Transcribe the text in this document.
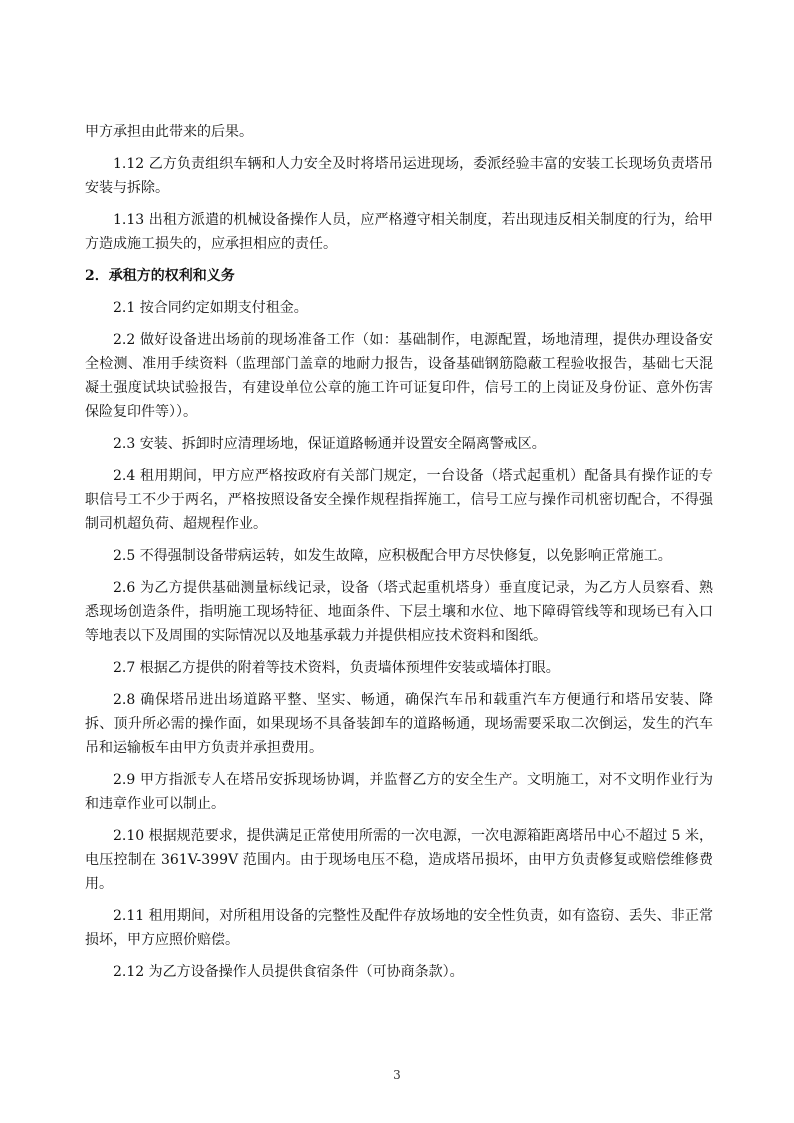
甲方承担由此带来的后果。

1.12 乙方负责组织车辆和人力安全及时将塔吊运进现场，委派经验丰富的安装工长现场负责塔吊安装与拆除。

1.13 出租方派遣的机械设备操作人员，应严格遵守相关制度，若出现违反相关制度的行为，给甲方造成施工损失的，应承担相应的责任。

2．承租方的权利和义务

2.1 按合同约定如期支付租金。

2.2 做好设备进出场前的现场准备工作（如：基础制作，电源配置，场地清理，提供办理设备安全检测、准用手续资料（监理部门盖章的地耐力报告，设备基础钢筋隐蔽工程验收报告，基础七天混凝土强度试块试验报告，有建设单位公章的施工许可证复印件，信号工的上岗证及身份证、意外伤害保险复印件等））。

2.3 安装、拆卸时应清理场地，保证道路畅通并设置安全隔离警戒区。

2.4 租用期间，甲方应严格按政府有关部门规定，一台设备（塔式起重机）配备具有操作证的专职信号工不少于两名，严格按照设备安全操作规程指挥施工，信号工应与操作司机密切配合，不得强制司机超负荷、超规程作业。

2.5 不得强制设备带病运转，如发生故障，应积极配合甲方尽快修复，以免影响正常施工。

2.6 为乙方提供基础测量标线记录，设备（塔式起重机塔身）垂直度记录，为乙方人员察看、熟悉现场创造条件，指明施工现场特征、地面条件、下层土壤和水位、地下障碍管线等和现场已有入口等地表以下及周围的实际情况以及地基承载力并提供相应技术资料和图纸。

2.7 根据乙方提供的附着等技术资料，负责墙体预埋件安装或墙体打眼。

2.8 确保塔吊进出场道路平整、坚实、畅通，确保汽车吊和载重汽车方便通行和塔吊安装、降拆、顶升所必需的操作面，如果现场不具备装卸车的道路畅通，现场需要采取二次倒运，发生的汽车吊和运输板车由甲方负责并承担费用。

2.9 甲方指派专人在塔吊安拆现场协调，并监督乙方的安全生产。文明施工，对不文明作业行为和违章作业可以制止。

2.10 根据规范要求，提供满足正常使用所需的一次电源，一次电源箱距离塔吊中心不超过 5 米，电压控制在 361V-399V 范围内。由于现场电压不稳，造成塔吊损坏，由甲方负责修复或赔偿维修费用。

2.11 租用期间，对所租用设备的完整性及配件存放场地的安全性负责，如有盗窃、丢失、非正常损坏，甲方应照价赔偿。

2.12 为乙方设备操作人员提供食宿条件（可协商条款）。

3
